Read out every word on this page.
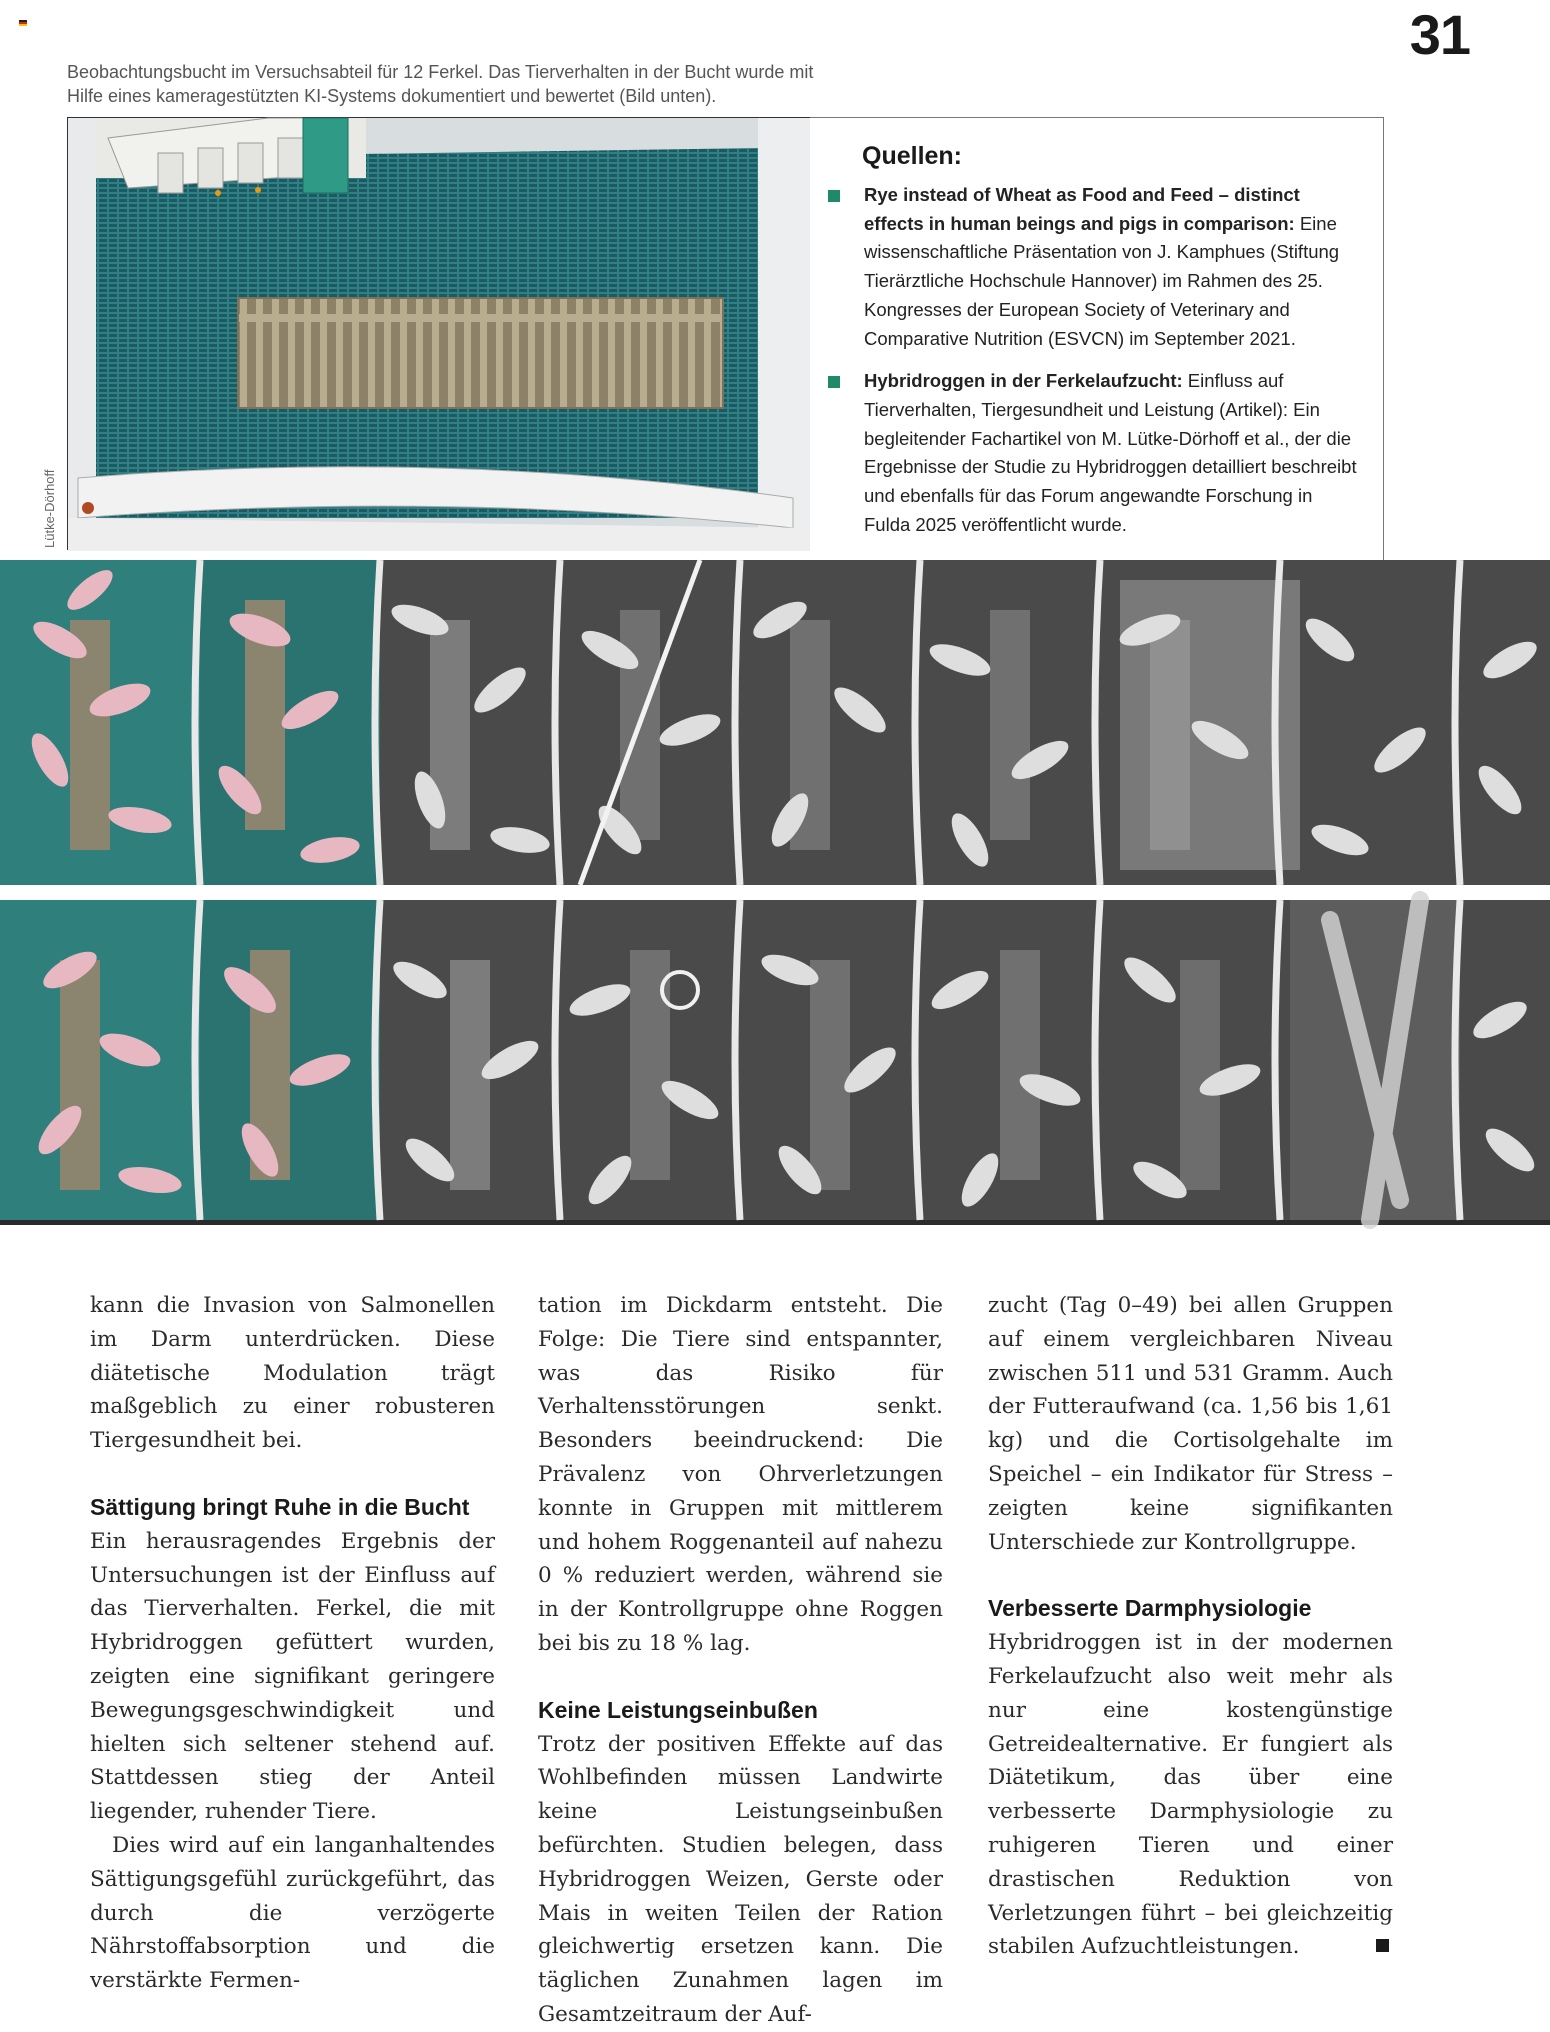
31
Beobachtungsbucht im Versuchsabteil für 12 Ferkel. Das Tierverhalten in der Bucht wurde mit Hilfe eines kameragestützten KI-Systems dokumentiert und bewertet (Bild unten).
Lütke-Dörhoff
Quellen:
Rye instead of Wheat as Food and Feed – distinct effects in human beings and pigs in comparison: Eine wissenschaftliche Präsentation von J. Kamphues (Stiftung Tierärztliche Hochschule Hannover) im Rahmen des 25. Kongresses der European Society of Veterinary and Comparative Nutrition (ESVCN) im September 2021.
Hybridroggen in der Ferkelaufzucht: Einfluss auf Tierverhalten, Tiergesundheit und Leistung (Artikel): Ein begleitender Fachartikel von M. Lütke-Dörhoff et al., der die Ergebnisse der Studie zu Hybridroggen detailliert beschreibt und ebenfalls für das Forum angewandte Forschung in Fulda 2025 veröffentlicht wurde.

kann die Invasion von Salmonellen im Darm unterdrücken. Diese diätetische Modulation trägt maßgeblich zu einer robusteren Tiergesundheit bei.

Sättigung bringt Ruhe in die Bucht

Ein herausragendes Ergebnis der Untersuchungen ist der Einfluss auf das Tierverhalten. Ferkel, die mit Hybridroggen gefüttert wurden, zeigten eine signifikant geringere Bewegungsgeschwindigkeit und hielten sich seltener stehend auf. Stattdessen stieg der Anteil liegender, ruhender Tiere.

Dies wird auf ein langanhaltendes Sättigungsgefühl zurückgeführt, das durch die verzögerte Nährstoffabsorption und die verstärkte Fermen-

tation im Dickdarm entsteht. Die Folge: Die Tiere sind entspannter, was das Risiko für Verhaltensstörungen senkt. Besonders beeindruckend: Die Prävalenz von Ohrverletzungen konnte in Gruppen mit mittlerem und hohem Roggenanteil auf nahezu 0 % reduziert werden, während sie in der Kontrollgruppe ohne Roggen bei bis zu 18 % lag.

Keine Leistungseinbußen

Trotz der positiven Effekte auf das Wohlbefinden müssen Landwirte keine Leistungseinbußen befürchten. Studien belegen, dass Hybridroggen Weizen, Gerste oder Mais in weiten Teilen der Ration gleichwertig ersetzen kann. Die täglichen Zunahmen lagen im Gesamtzeitraum der Auf-

zucht (Tag 0–49) bei allen Gruppen auf einem vergleichbaren Niveau zwischen 511 und 531 Gramm. Auch der Futteraufwand (ca. 1,56 bis 1,61 kg) und die Cortisolgehalte im Speichel – ein Indikator für Stress – zeigten keine signifikanten Unterschiede zur Kontrollgruppe.

Verbesserte Darmphysiologie

Hybridroggen ist in der modernen Ferkelaufzucht also weit mehr als nur eine kostengünstige Getreidealternative. Er fungiert als Diätetikum, das über eine verbesserte Darmphysiologie zu ruhigeren Tieren und einer drastischen Reduktion von Verletzungen führt – bei gleichzeitig stabilen Aufzuchtleistungen.
